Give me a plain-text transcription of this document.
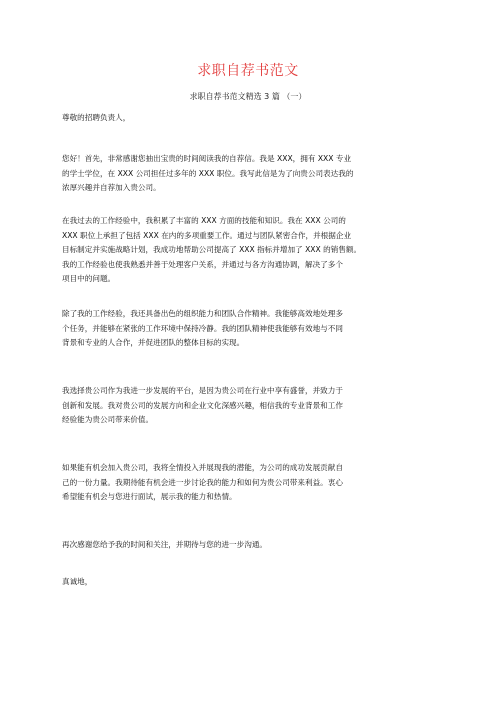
求职自荐书范文
求职自荐书范文精选 3 篇 （一）
尊敬的招聘负责人，

您好！首先，非常感谢您抽出宝贵的时间阅读我的自荐信。我是 XXX，拥有 XXX 专业
的学士学位，在 XXX 公司担任过多年的 XXX 职位。我写此信是为了向贵公司表达我的
浓厚兴趣并自荐加入贵公司。

在我过去的工作经验中，我积累了丰富的 XXX 方面的技能和知识。我在 XXX 公司的
XXX 职位上承担了包括 XXX 在内的多项重要工作。通过与团队紧密合作，并根据企业
目标制定并实施战略计划，我成功地帮助公司提高了 XXX 指标并增加了 XXX 的销售额。
我的工作经验也使我熟悉并善于处理客户关系，并通过与各方沟通协调，解决了多个
项目中的问题。

除了我的工作经验，我还具备出色的组织能力和团队合作精神。我能够高效地处理多
个任务，并能够在紧张的工作环境中保持冷静。我的团队精神使我能够有效地与不同
背景和专业的人合作，并促进团队的整体目标的实现。

我选择贵公司作为我进一步发展的平台，是因为贵公司在行业中享有盛誉，并致力于
创新和发展。我对贵公司的发展方向和企业文化深感兴趣，相信我的专业背景和工作
经验能为贵公司带来价值。

如果能有机会加入贵公司，我将全情投入并展现我的潜能，为公司的成功发展贡献自
己的一份力量。我期待能有机会进一步讨论我的能力和如何为贵公司带来利益。衷心
希望能有机会与您进行面试，展示我的能力和热情。

再次感谢您给予我的时间和关注，并期待与您的进一步沟通。

真诚地，
